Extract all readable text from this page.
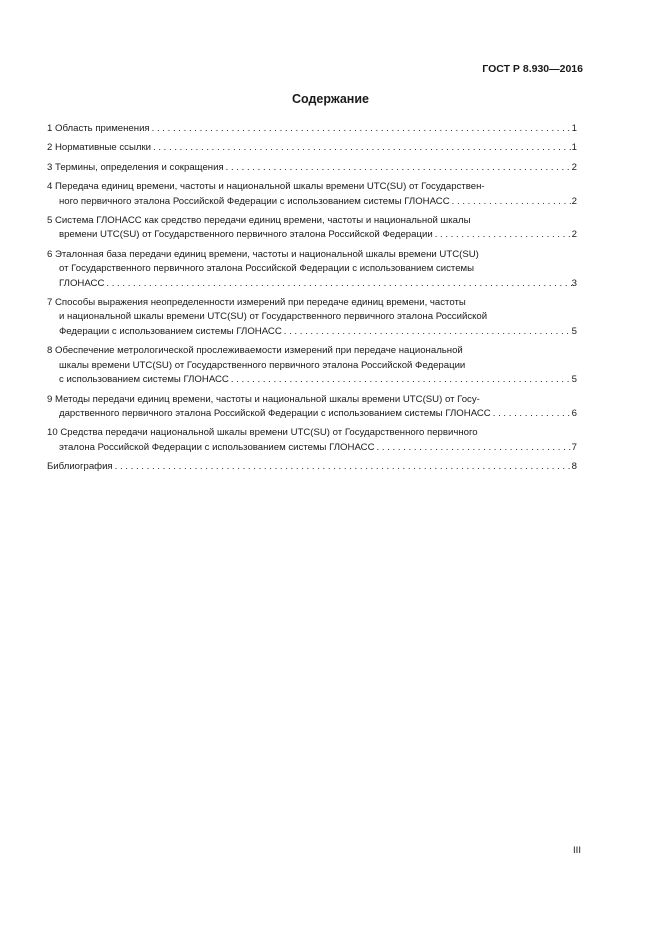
ГОСТ Р 8.930—2016
Содержание
1 Область применения . . .	1
2 Нормативные ссылки . . .	1
3 Термины, определения и сокращения . . .	2
4 Передача единиц времени, частоты и национальной шкалы времени UTC(SU) от Государствен-
ного первичного эталона Российской Федерации с использованием системы ГЛОНАСС . . .	2
5 Система ГЛОНАСС как средство передачи единиц времени, частоты и национальной шкалы
времени UTC(SU) от Государственного первичного эталона Российской Федерации . . .	2
6 Эталонная база передачи единиц времени, частоты и национальной шкалы времени UTC(SU)
от Государственного первичного эталона Российской Федерации с использованием системы
ГЛОНАСС . . .	3
7 Способы выражения неопределенности измерений при передаче единиц времени, частоты
и национальной шкалы времени UTC(SU) от Государственного первичного эталона Российской
Федерации с использованием системы ГЛОНАСС . . .	5
8 Обеспечение метрологической прослеживаемости измерений при передаче национальной
шкалы времени UTC(SU) от Государственного первичного эталона Российской Федерации
с использованием системы ГЛОНАСС . . .	5
9 Методы передачи единиц времени, частоты и национальной шкалы времени UTC(SU) от Госу-
дарственного первичного эталона Российской Федерации с использованием системы ГЛОНАСС . . .	6
10 Средства передачи национальной шкалы времени UTC(SU) от Государственного первичного
эталона Российской Федерации с использованием системы ГЛОНАСС . . .	7
Библиография . . .	8
III
